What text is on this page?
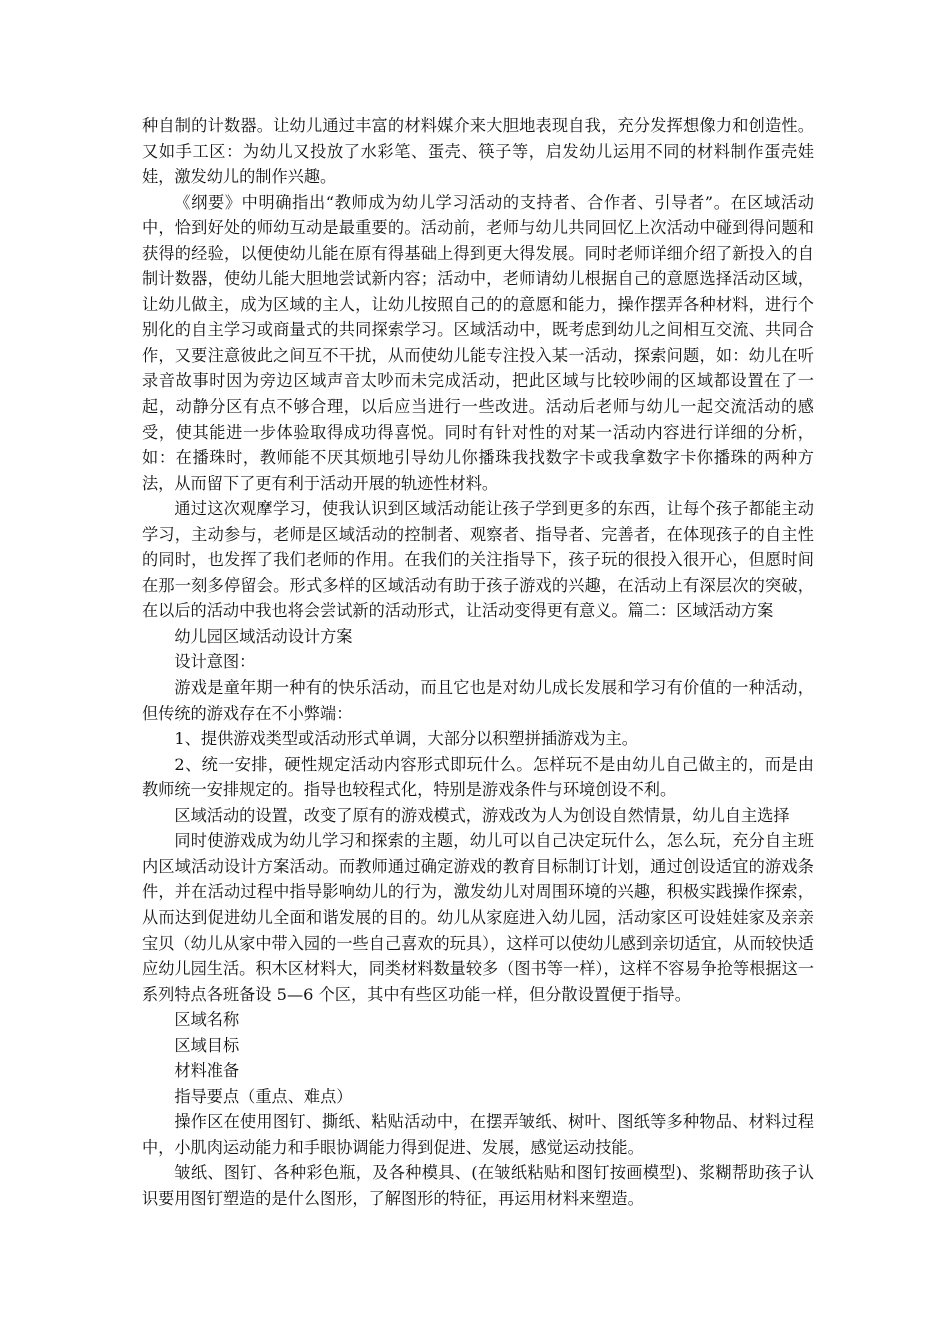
种自制的计数器。让幼儿通过丰富的材料媒介来大胆地表现自我，充分发挥想像力和创造性。又如手工区：为幼儿又投放了水彩笔、蛋壳、筷子等，启发幼儿运用不同的材料制作蛋壳娃娃，激发幼儿的制作兴趣。

《纲要》中明确指出“教师成为幼儿学习活动的支持者、合作者、引导者”。在区域活动中，恰到好处的师幼互动是最重要的。活动前，老师与幼儿共同回忆上次活动中碰到得问题和获得的经验，以便使幼儿能在原有得基础上得到更大得发展。同时老师详细介绍了新投入的自制计数器，使幼儿能大胆地尝试新内容；活动中，老师请幼儿根据自己的意愿选择活动区域，让幼儿做主，成为区域的主人，让幼儿按照自己的的意愿和能力，操作摆弄各种材料，进行个别化的自主学习或商量式的共同探索学习。区域活动中，既考虑到幼儿之间相互交流、共同合作，又要注意彼此之间互不干扰，从而使幼儿能专注投入某一活动，探索问题，如：幼儿在听录音故事时因为旁边区域声音太吵而未完成活动，把此区域与比较吵闹的区域都设置在了一起，动静分区有点不够合理，以后应当进行一些改进。活动后老师与幼儿一起交流活动的感受，使其能进一步体验取得成功得喜悦。同时有针对性的对某一活动内容进行详细的分析，如：在播珠时，教师能不厌其烦地引导幼儿你播珠我找数字卡或我拿数字卡你播珠的两种方法，从而留下了更有利于活动开展的轨迹性材料。

通过这次观摩学习，使我认识到区域活动能让孩子学到更多的东西，让每个孩子都能主动学习，主动参与，老师是区域活动的控制者、观察者、指导者、完善者，在体现孩子的自主性的同时，也发挥了我们老师的作用。在我们的关注指导下，孩子玩的很投入很开心，但愿时间在那一刻多停留会。形式多样的区域活动有助于孩子游戏的兴趣，在活动上有深层次的突破，在以后的活动中我也将会尝试新的活动形式，让活动变得更有意义。篇二：区域活动方案

幼儿园区域活动设计方案

设计意图：

游戏是童年期一种有的快乐活动，而且它也是对幼儿成长发展和学习有价值的一种活动，但传统的游戏存在不小弊端：

1、提供游戏类型或活动形式单调，大部分以积塑拼插游戏为主。

2、统一安排，硬性规定活动内容形式即玩什么。怎样玩不是由幼儿自己做主的，而是由教师统一安排规定的。指导也较程式化，特别是游戏条件与环境创设不利。

区域活动的设置，改变了原有的游戏模式，游戏改为人为创设自然情景，幼儿自主选择

同时使游戏成为幼儿学习和探索的主题，幼儿可以自己决定玩什么，怎么玩，充分自主班内区域活动设计方案活动。而教师通过确定游戏的教育目标制订计划，通过创设适宜的游戏条件，并在活动过程中指导影响幼儿的行为，激发幼儿对周围环境的兴趣，积极实践操作探索，从而达到促进幼儿全面和谐发展的目的。幼儿从家庭进入幼儿园，活动家区可设娃娃家及亲亲宝贝（幼儿从家中带入园的一些自己喜欢的玩具），这样可以使幼儿感到亲切适宜，从而较快适应幼儿园生活。积木区材料大，同类材料数量较多（图书等一样），这样不容易争抢等根据这一系列特点各班备设 5—6 个区，其中有些区功能一样，但分散设置便于指导。

区域名称

区域目标

材料准备

指导要点（重点、难点）

操作区在使用图钉、撕纸、粘贴活动中，在摆弄皱纸、树叶、图纸等多种物品、材料过程中，小肌肉运动能力和手眼协调能力得到促进、发展，感觉运动技能。

皱纸、图钉、各种彩色瓶，及各种模具、(在皱纸粘贴和图钉按画模型)、浆糊帮助孩子认识要用图钉塑造的是什么图形，了解图形的特征，再运用材料来塑造。
